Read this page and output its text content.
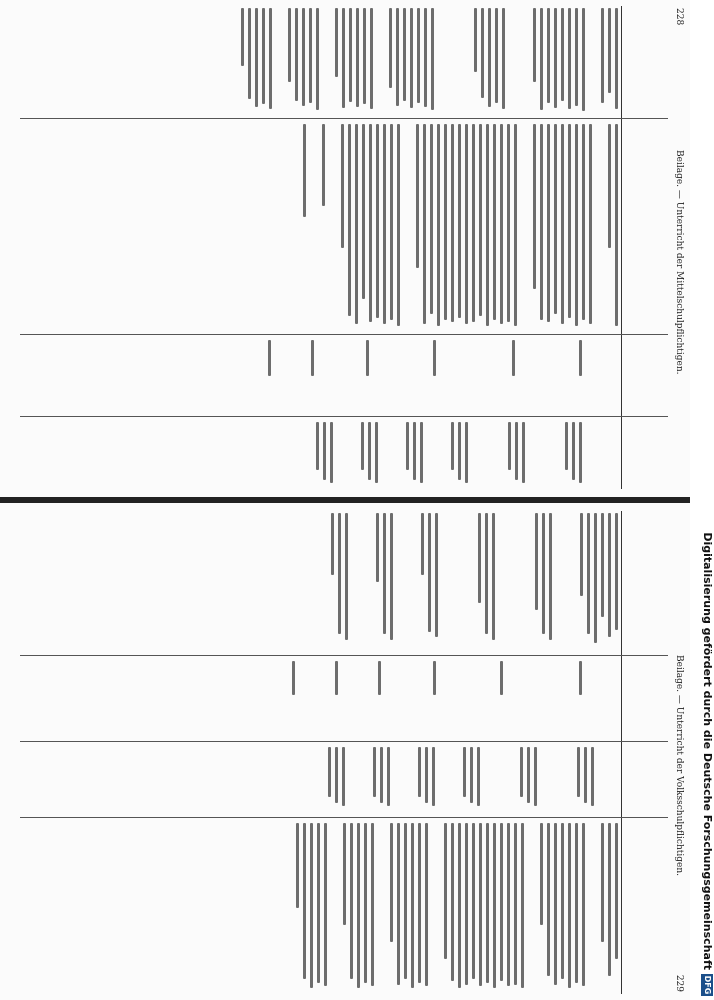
228
Beilage. — Unterricht der Mittelschulpflichtigen.
Beilage. — Unterricht der Volksschulpflichtigen.
229
Digitalisierung gefördert durch die Deutsche Forschungsgemeinschaft
DFG
